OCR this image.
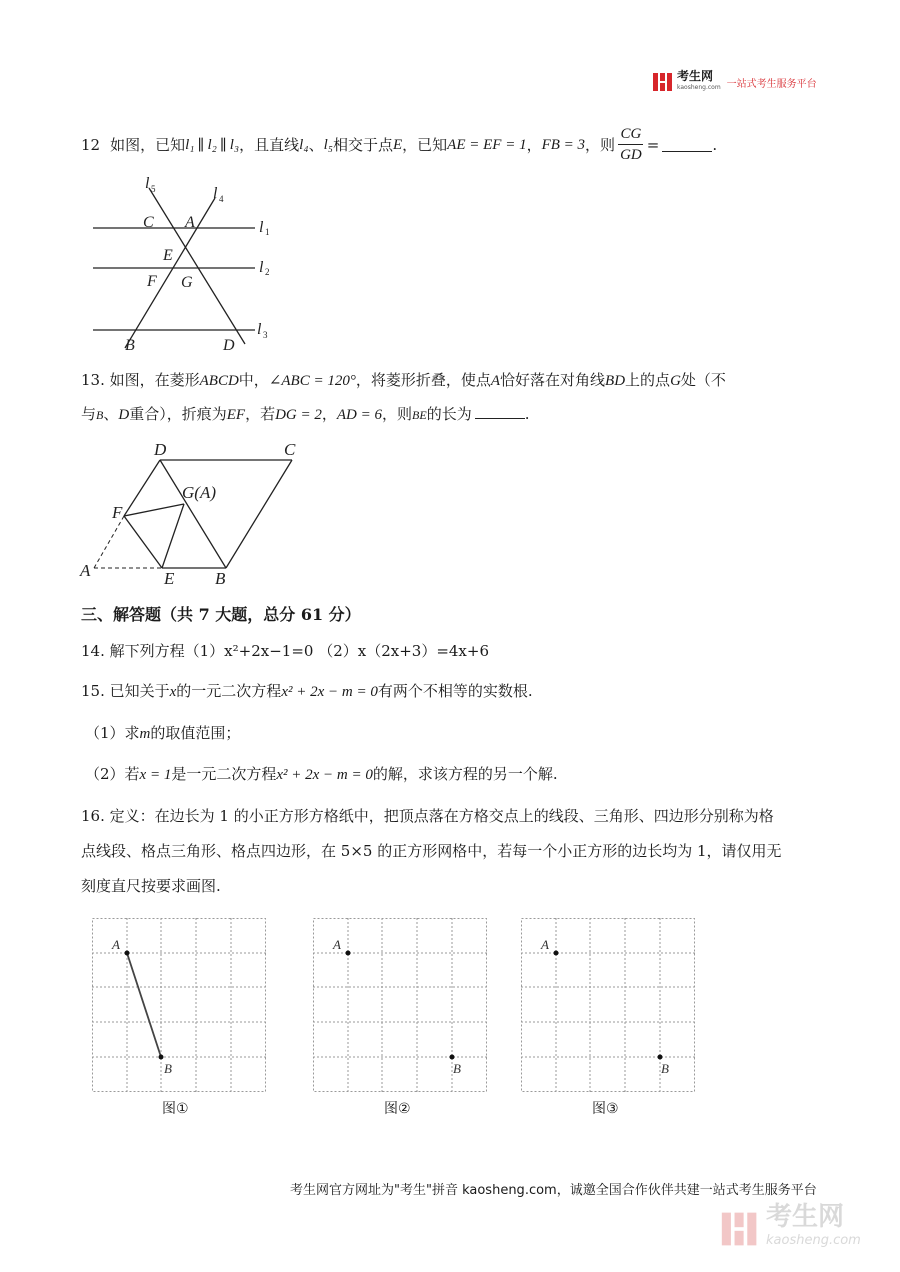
考生网
kaosheng.com 一站式考生服务平台
12 如图，已知 l₁ ∥ l₂ ∥ l₃ ，且直线 l₄ 、 l₅ 相交于点 E ，已知 AE = EF = 1 ， FB = 3 ，则 $\frac{CG}{GD}$ =	.
C A
E
F G
B	D
l
l
l
l
l
5
4
1
2
3
13. 如图，在菱形ABCD中，∠ABC = 120°，将菱形折叠，使点A恰好落在对角线BD上的点G处（不
与B、D重合），折痕为EF，若DG = 2，AD = 6，则BE的长为	.
D	C
G(A)
F
A	E B
三、解答题（共 7 大题，总分 61 分）
14. 解下列方程（1）x²+2x−1=0 （2）x（2x+3）=4x+6
15. 已知关于x的一元二次方程x² + 2x − m = 0有两个不相等的实数根.
（1）求m的取值范围；
（2）若x = 1是一元二次方程x² + 2x − m = 0的解，求该方程的另一个解.
16. 定义：在边长为 1 的小正方形方格纸中，把顶点落在方格交点上的线段、三角形、四边形分别称为格
点线段、格点三角形、格点四边形，在 5×5 的正方形网格中，若每一个小正方形的边长均为 1，请仅用无
刻度直尺按要求画图.
A
B
图①
A
B
图②
A
B
图③
考生网官方网址为"考生"拼音 kaosheng.com，诚邀全国合作伙伴共建一站式考生服务平台
考生网
kaosheng.com
